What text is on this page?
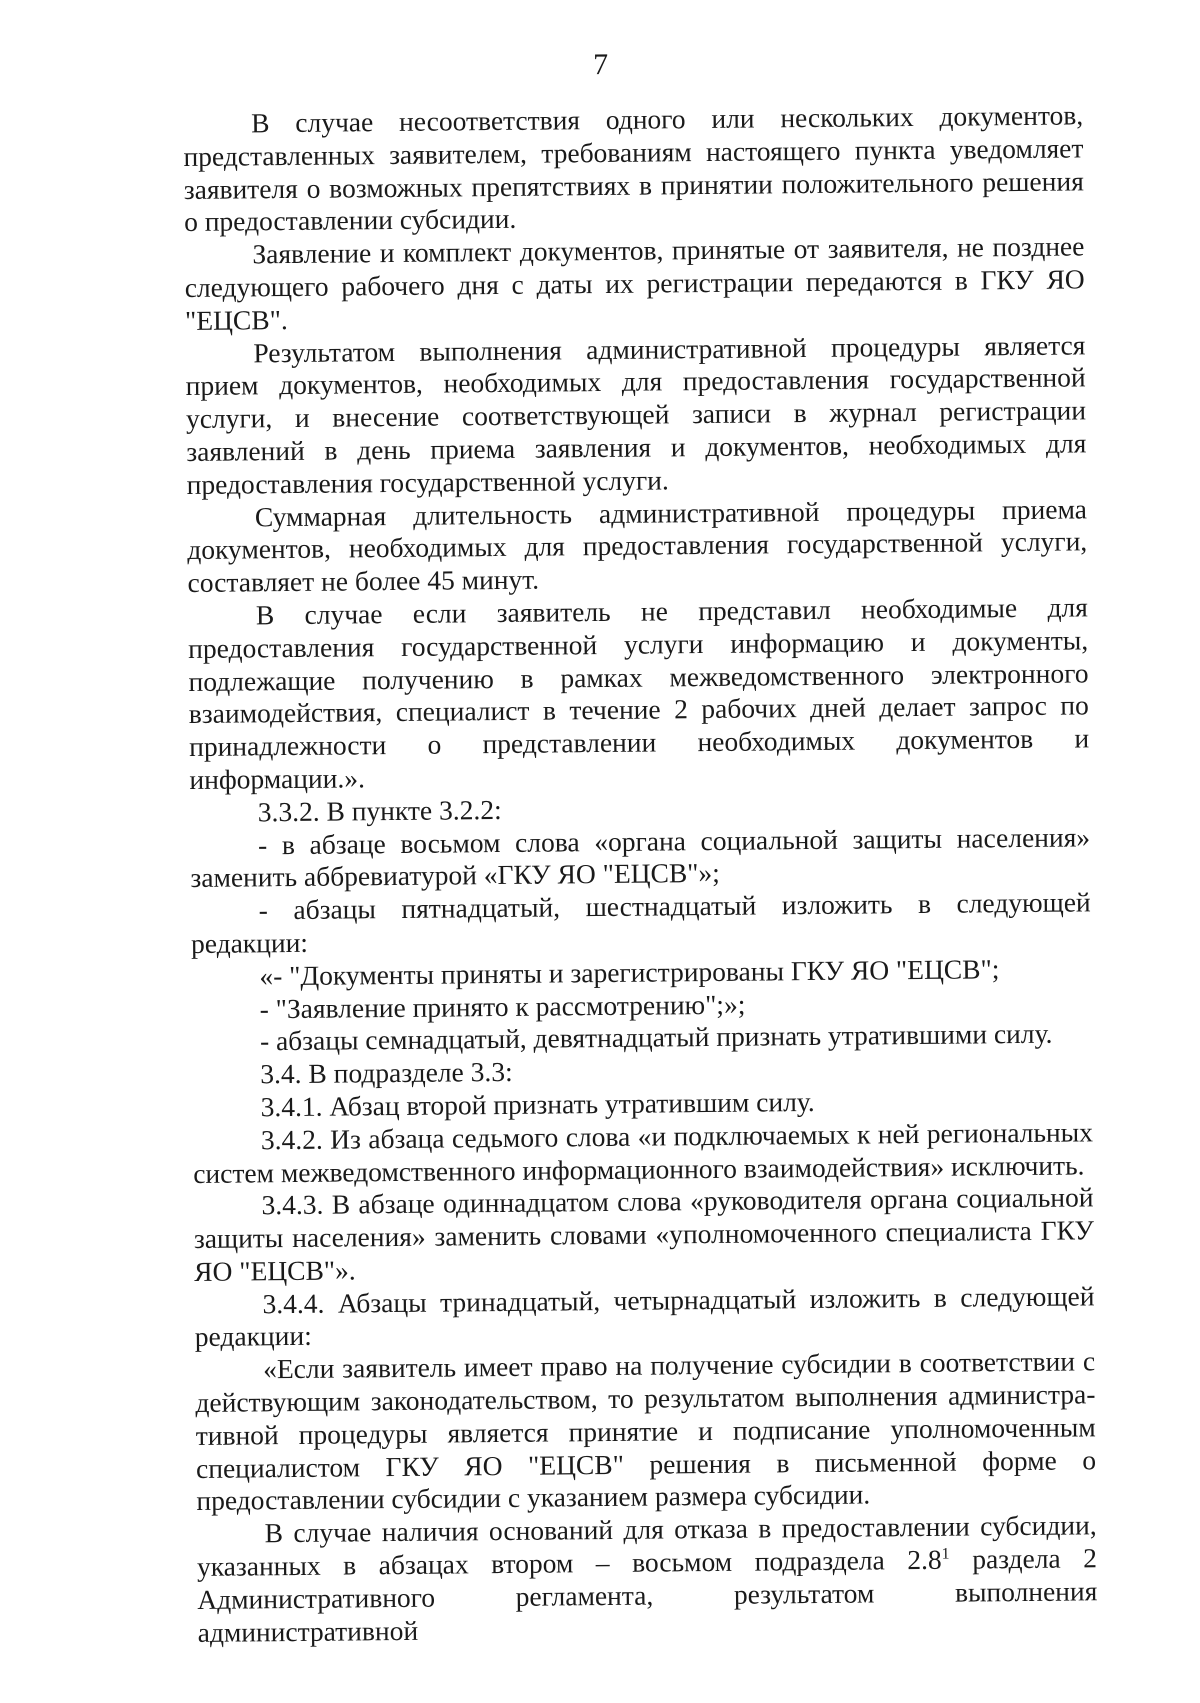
7

В случае несоответствия одного или нескольких документов, представленных заявителем, требованиям настоящего пункта уведомляет заявителя о возможных препятствиях в принятии положительного решения о предоставлении субсидии.

Заявление и комплект документов, принятые от заявителя, не позднее следующего рабочего дня с даты их регистрации передаются в ГКУ ЯО "ЕЦСВ".

Результатом выполнения административной процедуры является прием документов, необходимых для предоставления государственной услуги, и внесение соответствующей записи в журнал регистрации заявлений в день приема заявления и документов, необходимых для предоставления государственной услуги.

Суммарная длительность административной процедуры приема документов, необходимых для предоставления государственной услуги, составляет не более 45 минут.

В случае если заявитель не представил необходимые для предоставления государственной услуги информацию и документы, подлежащие получению в рамках межведомственного электронного взаимодействия, специалист в течение 2 рабочих дней делает запрос по принадлежности о представлении необходимых документов и информации.».

3.3.2. В пункте 3.2.2:

- в абзаце восьмом слова «органа социальной защиты населения» заменить аббревиатурой «ГКУ ЯО "ЕЦСВ"»;

- абзацы пятнадцатый, шестнадцатый изложить в следующей редакции:

«- "Документы приняты и зарегистрированы ГКУ ЯО "ЕЦСВ";

- "Заявление принято к рассмотрению";»;

- абзацы семнадцатый, девятнадцатый признать утратившими силу.

3.4. В подразделе 3.3:

3.4.1. Абзац второй признать утратившим силу.

3.4.2. Из абзаца седьмого слова «и подключаемых к ней региональных систем межведомственного информационного взаимодействия» исключить.

3.4.3. В абзаце одиннадцатом слова «руководителя органа социальной защиты населения» заменить словами «уполномоченного специалиста ГКУ ЯО "ЕЦСВ"».

3.4.4. Абзацы тринадцатый, четырнадцатый изложить в следующей редакции:

«Если заявитель имеет право на получение субсидии в соответствии с действующим законодательством, то результатом выполнения администра-тивной процедуры является принятие и подписание уполномоченным специалистом ГКУ ЯО "ЕЦСВ" решения в письменной форме о предоставлении субсидии с указанием размера субсидии.

В случае наличия оснований для отказа в предоставлении субсидии, указанных в абзацах втором – восьмом подраздела $2.8^1$ раздела 2 Административного регламента, результатом выполнения административной
